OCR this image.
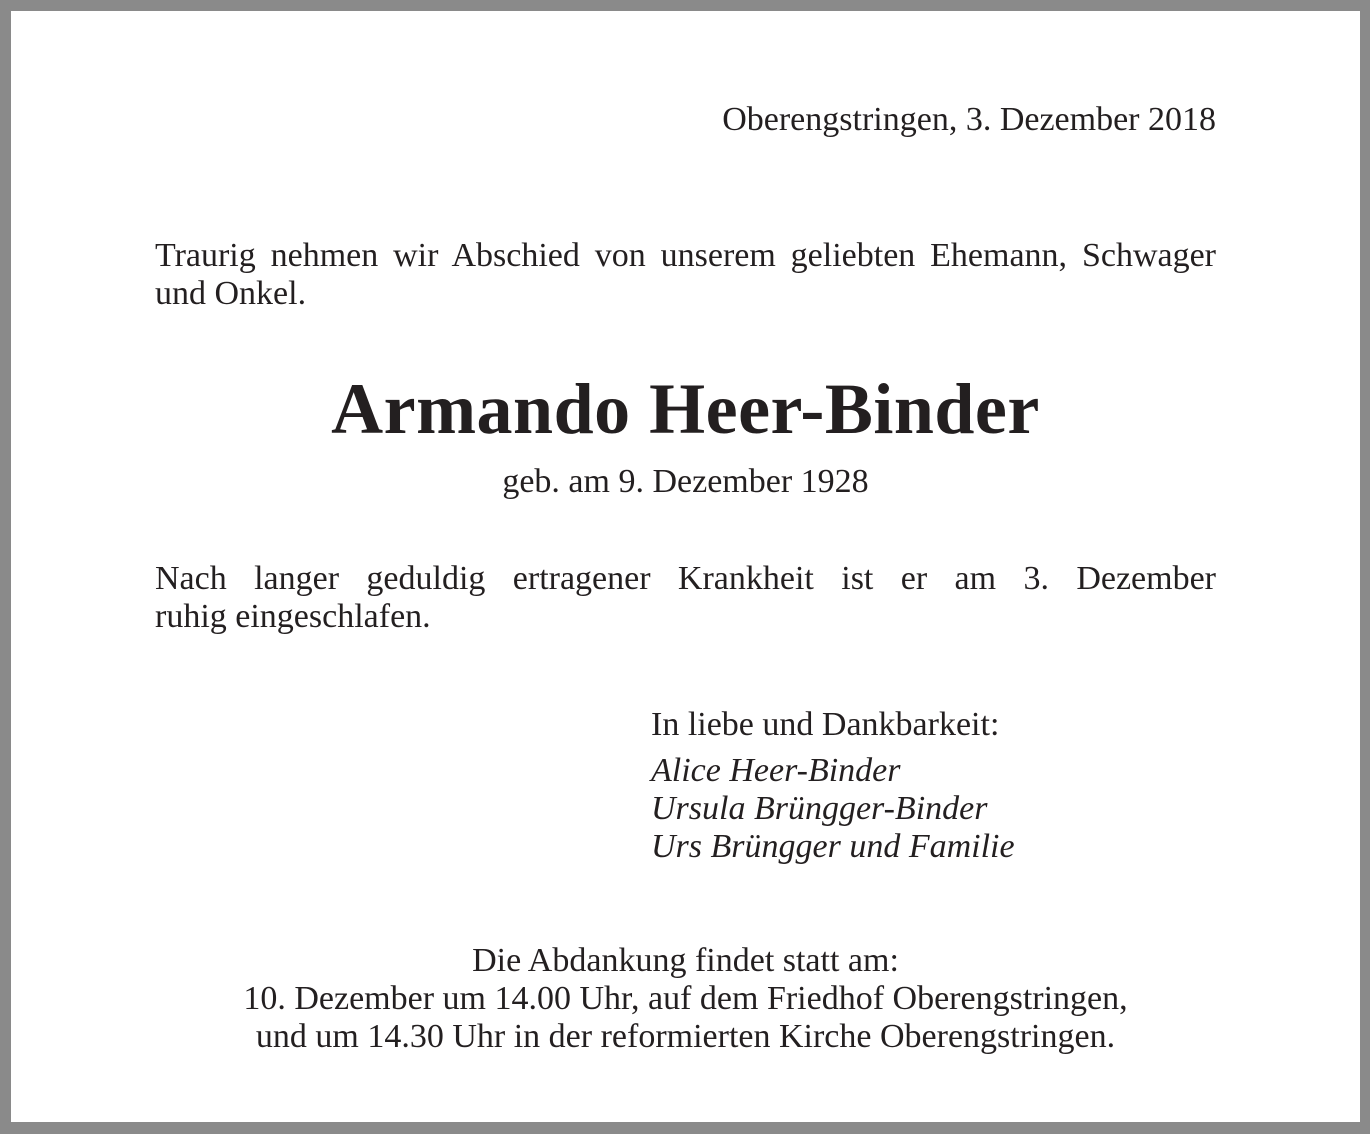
Oberengstringen, 3. Dezember 2018
Traurig nehmen wir Abschied von unserem geliebten Ehemann, Schwager und Onkel.
Armando Heer-Binder
geb. am 9. Dezember 1928
Nach langer geduldig ertragener Krankheit ist er am 3. Dezember
ruhig eingeschlafen.
In liebe und Dankbarkeit:
Alice Heer-Binder
Ursula Brüngger-Binder
Urs Brüngger und Familie
Die Abdankung findet statt am:
10. Dezember um 14.00 Uhr, auf dem Friedhof Oberengstringen,
und um 14.30 Uhr in der reformierten Kirche Oberengstringen.
